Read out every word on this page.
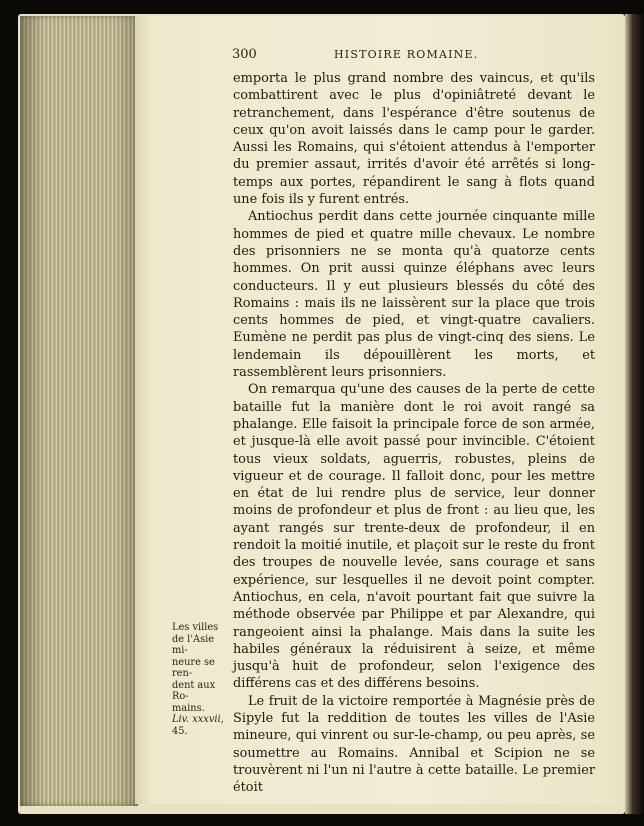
300	HISTOIRE ROMAINE.

emporta le plus grand nombre des vaincus, et qu'ils combattirent avec le plus d'opiniâtreté devant le retranchement, dans l'espérance d'être soutenus de ceux qu'on avoit laissés dans le camp pour le garder. Aussi les Romains, qui s'étoient attendus à l'emporter du premier assaut, irrités d'avoir été arrêtés si long-temps aux portes, répandirent le sang à flots quand une fois ils y furent entrés.

Antiochus perdit dans cette journée cinquante mille hommes de pied et quatre mille chevaux. Le nombre des prisonniers ne se monta qu'à quatorze cents hommes. On prit aussi quinze éléphans avec leurs conducteurs. Il y eut plusieurs blessés du côté des Romains : mais ils ne laissèrent sur la place que trois cents hommes de pied, et vingt-quatre cavaliers. Eumène ne perdit pas plus de vingt-cinq des siens. Le lendemain ils dépouillèrent les morts, et rassemblèrent leurs prisonniers.

On remarqua qu'une des causes de la perte de cette bataille fut la manière dont le roi avoit rangé sa phalange. Elle faisoit la principale force de son armée, et jusque-là elle avoit passé pour invincible. C'étoient tous vieux soldats, aguerris, robustes, pleins de vigueur et de courage. Il falloit donc, pour les mettre en état de lui rendre plus de service, leur donner moins de profondeur et plus de front : au lieu que, les ayant rangés sur trente-deux de profondeur, il en rendoit la moitié inutile, et plaçoit sur le reste du front des troupes de nouvelle levée, sans courage et sans expérience, sur lesquelles il ne devoit point compter. Antiochus, en cela, n'avoit pourtant fait que suivre la méthode observée par Philippe et par Alexandre, qui rangeoient ainsi la phalange. Mais dans la suite les habiles généraux la réduisirent à seize, et même jusqu'à huit de profondeur, selon l'exigence des différens cas et des différens besoins.

Le fruit de la victoire remportée à Magnésie près de Sipyle fut la reddition de toutes les villes de l'Asie mineure, qui vinrent ou sur-le-champ, ou peu après, se soumettre au Romains. Annibal et Scipion ne se trouvèrent ni l'un ni l'autre à cette bataille. Le premier étoit

Les villes
de l'Asie mi-
neure se ren-
dent aux Ro-
mains.
Liv. xxxvii,
45.
